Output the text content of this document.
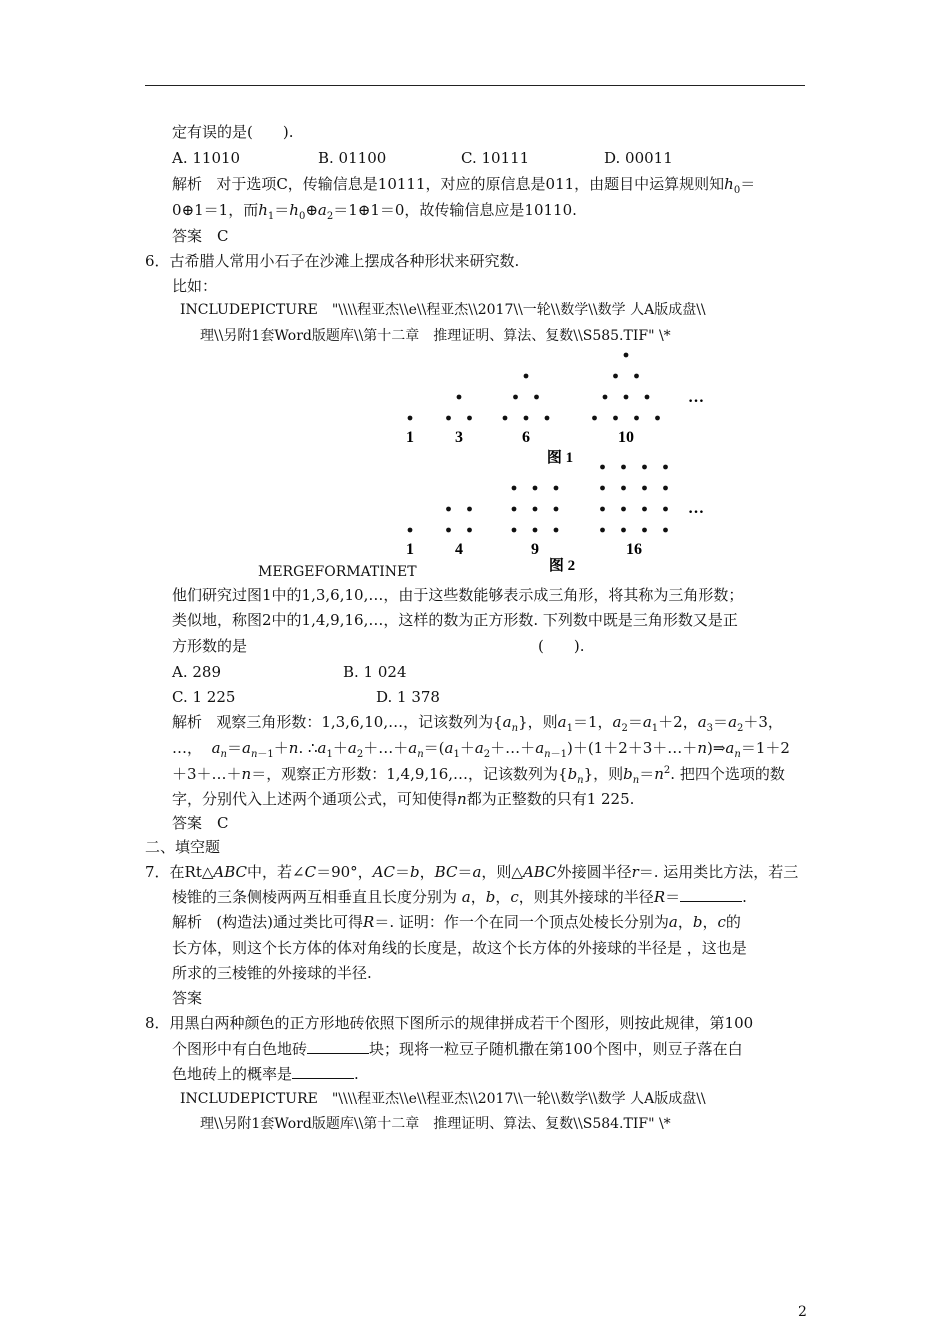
定有误的是(　　).
A. 11010	B. 01100	C. 10111	D. 00011
解析 对于选项C，传输信息是10111，对应的原信息是011，由题目中运算规则知$h_0=$
0⊕1＝1，而$h_1=h_0\oplus a_2=1\oplus 1=0$，故传输信息应是10110.
答案　C
6．古希腊人常用小石子在沙滩上摆成各种形状来研究数.
比如：
INCLUDEPICTURE　"\\\\程亚杰\\e\\程亚杰\\2017\\一轮\\数学\\数学 人A版成盘\\
理\\另附1套Word版题库\\第十二章　推理证明、算法、复数\\S585.TIF" \*
1	3	6	10
…
图 1
1	4	9	16
…
图 2
MERGEFORMATINET
他们研究过图1中的1,3,6,10,…，由于这些数能够表示成三角形，将其称为三角形数；
类似地，称图2中的1,4,9,16,…，这样的数为正方形数. 下列数中既是三角形数又是正
方形数的是	(　　).
A. 289	B. 1 024
C. 1 225	D. 1 378
解析 观察三角形数：1,3,6,10,…，记该数列为$\{a_n\}$，则$a_1=1$，$a_2=a_1+2$，$a_3=a_2+3$，
…， $a_n=a_{n-1}+n$. $\therefore a_1+a_2+\dots+a_n=(a_1+a_2+\dots+a_{n-1})+(1+2+3+\dots+n)\Rightarrow a_n=1+2$
＋3＋…＋n＝，观察正方形数：1,4,9,16,…，记该数列为$\{b_n\}$，则$b_n=n^2$. 把四个选项的数
字，分别代入上述两个通项公式，可知使得n都为正整数的只有1 225.
答案　C
二、填空题
7．在Rt△ABC中，若∠C＝90°，AC＝b，BC＝a，则△ABC外接圆半径r＝. 运用类比方法，若三
棱锥的三条侧棱两两互相垂直且长度分别为 a，b，c，则其外接球的半径R＝	.
解析 (构造法)通过类比可得R＝. 证明：作一个在同一个顶点处棱长分别为a，b，c的
长方体，则这个长方体的体对角线的长度是，故这个长方体的外接球的半径是 ，这也是
所求的三棱锥的外接球的半径.
答案
8．用黑白两种颜色的正方形地砖依照下图所示的规律拼成若干个图形，则按此规律，第100
个图形中有白色地砖	块；现将一粒豆子随机撒在第100个图中，则豆子落在白
色地砖上的概率是	.
INCLUDEPICTURE　"\\\\程亚杰\\e\\程亚杰\\2017\\一轮\\数学\\数学 人A版成盘\\
理\\另附1套Word版题库\\第十二章　推理证明、算法、复数\\S584.TIF" \*
2
